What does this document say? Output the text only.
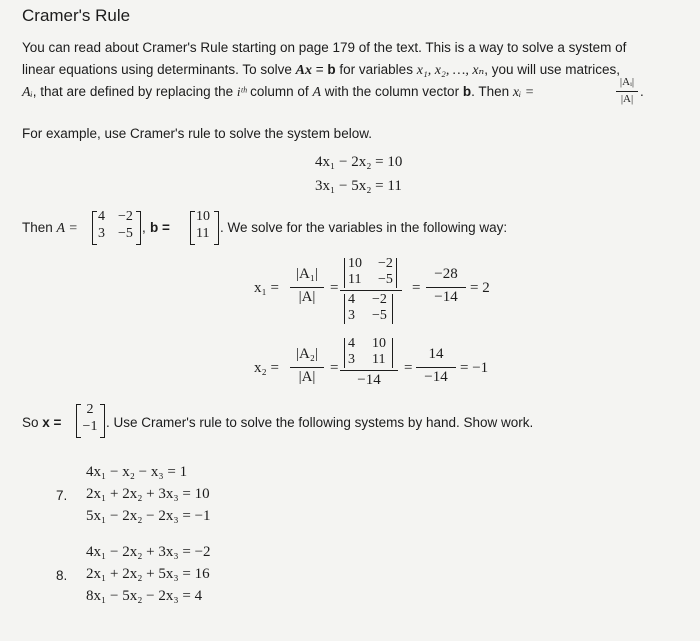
Cramer's Rule
You can read about Cramer's Rule starting on page 179 of the text. This is a way to solve a system of
linear equations using determinants. To solve Ax = b for variables x₁, x₂, …, xₙ, you will use matrices,
Aᵢ, that are defined by replacing the iᵗʰ column of A with the column vector b. Then xᵢ =
|Aᵢ|
|A| .
For example, use Cramer's rule to solve the system below.
4x₁ − 2x₂ = 10
3x₁ − 5x₂ = 11
Then A =
4 −2
3 −5 , b =
10
11 . We solve for the variables in the following way:
x₁ =
|A₁|
|A|
=
10 −2
11 −5
4 −2
3 −5
=
−28
−14
= 2
x₂ =
|A₂|
|A|
=
4 10
3 11
−14
=
14
−14
= −1
So x =
2
−1 . Use Cramer's rule to solve the following systems by hand. Show work.
7.
4x₁ − x₂ − x₃ = 1
2x₁ + 2x₂ + 3x₃ = 10
5x₁ − 2x₂ − 2x₃ = −1
8.
4x₁ − 2x₂ + 3x₃ = −2
2x₁ + 2x₂ + 5x₃ = 16
8x₁ − 5x₂ − 2x₃ = 4
